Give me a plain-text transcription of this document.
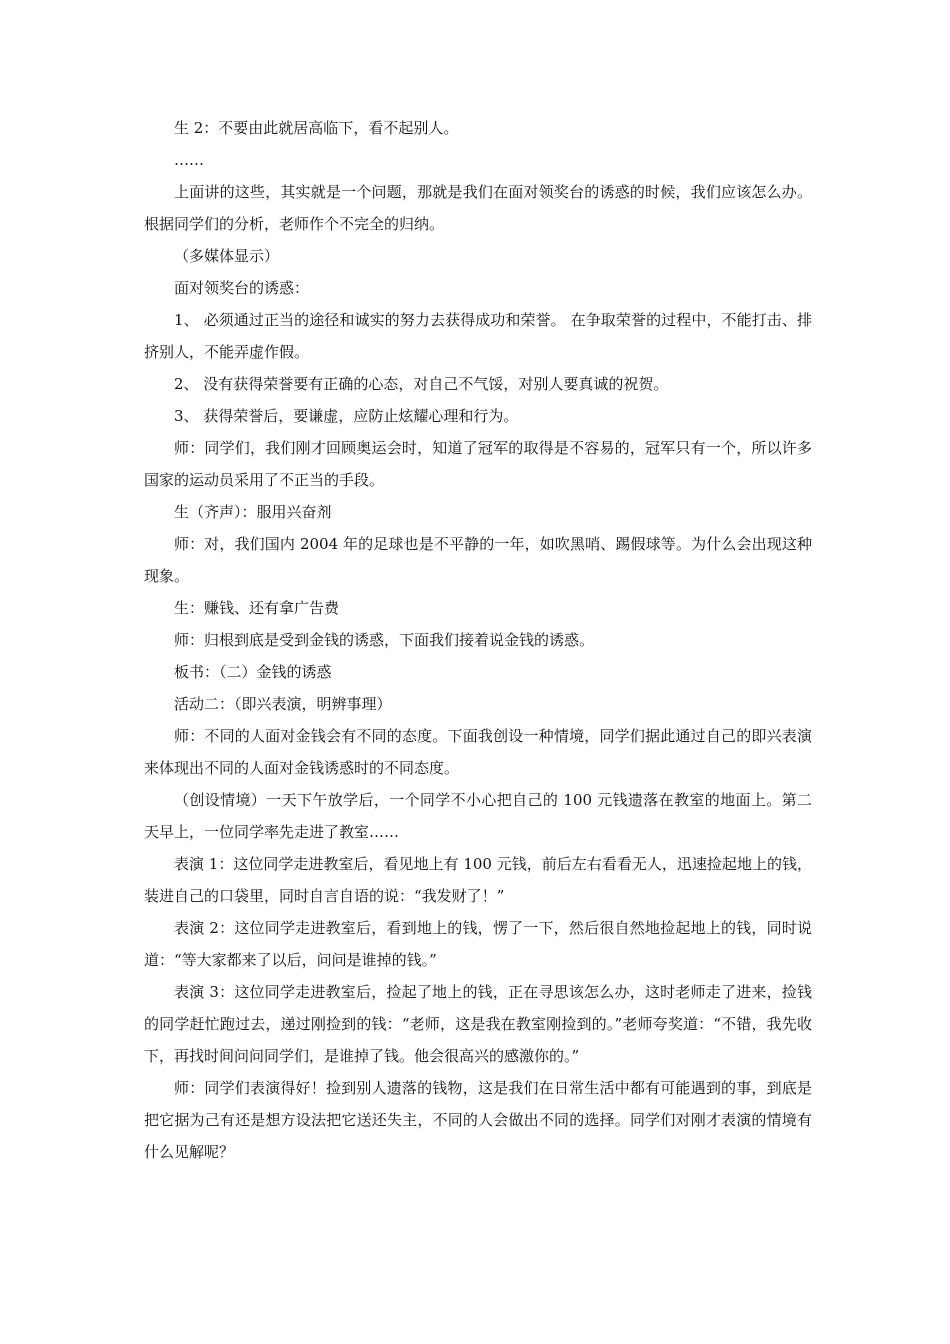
生 2：不要由此就居高临下，看不起别人。

……

上面讲的这些，其实就是一个问题，那就是我们在面对领奖台的诱惑的时候，我们应该怎么办。根据同学们的分析，老师作个不完全的归纳。

（多媒体显示）

面对领奖台的诱惑：

1、 必须通过正当的途径和诚实的努力去获得成功和荣誉。 在争取荣誉的过程中，不能打击、排挤别人，不能弄虚作假。

2、 没有获得荣誉要有正确的心态，对自己不气馁，对别人要真诚的祝贺。

3、 获得荣誉后，要谦虚，应防止炫耀心理和行为。

师：同学们，我们刚才回顾奥运会时，知道了冠军的取得是不容易的，冠军只有一个，所以许多国家的运动员采用了不正当的手段。

生（齐声）：服用兴奋剂

师：对，我们国内 2004 年的足球也是不平静的一年，如吹黑哨、踢假球等。为什么会出现这种现象。

生：赚钱、还有拿广告费

师：归根到底是受到金钱的诱惑，下面我们接着说金钱的诱惑。

板书：（二）金钱的诱惑

活动二：（即兴表演，明辨事理）

师：不同的人面对金钱会有不同的态度。下面我创设一种情境，同学们据此通过自己的即兴表演来体现出不同的人面对金钱诱惑时的不同态度。

（创设情境）一天下午放学后，一个同学不小心把自己的 100 元钱遗落在教室的地面上。第二天早上，一位同学率先走进了教室……

表演 1：这位同学走进教室后，看见地上有 100 元钱，前后左右看看无人，迅速捡起地上的钱，装进自己的口袋里，同时自言自语的说：“我发财了！”

表演 2：这位同学走进教室后，看到地上的钱，愣了一下，然后很自然地捡起地上的钱，同时说道：“等大家都来了以后，问问是谁掉的钱。”

表演 3：这位同学走进教室后，捡起了地上的钱，正在寻思该怎么办，这时老师走了进来，捡钱的同学赶忙跑过去，递过刚捡到的钱：“老师，这是我在教室刚捡到的。”老师夸奖道：“不错，我先收下，再找时间问问同学们，是谁掉了钱。他会很高兴的感激你的。”

师：同学们表演得好！捡到别人遗落的钱物，这是我们在日常生活中都有可能遇到的事，到底是把它据为己有还是想方设法把它送还失主，不同的人会做出不同的选择。同学们对刚才表演的情境有什么见解呢？
